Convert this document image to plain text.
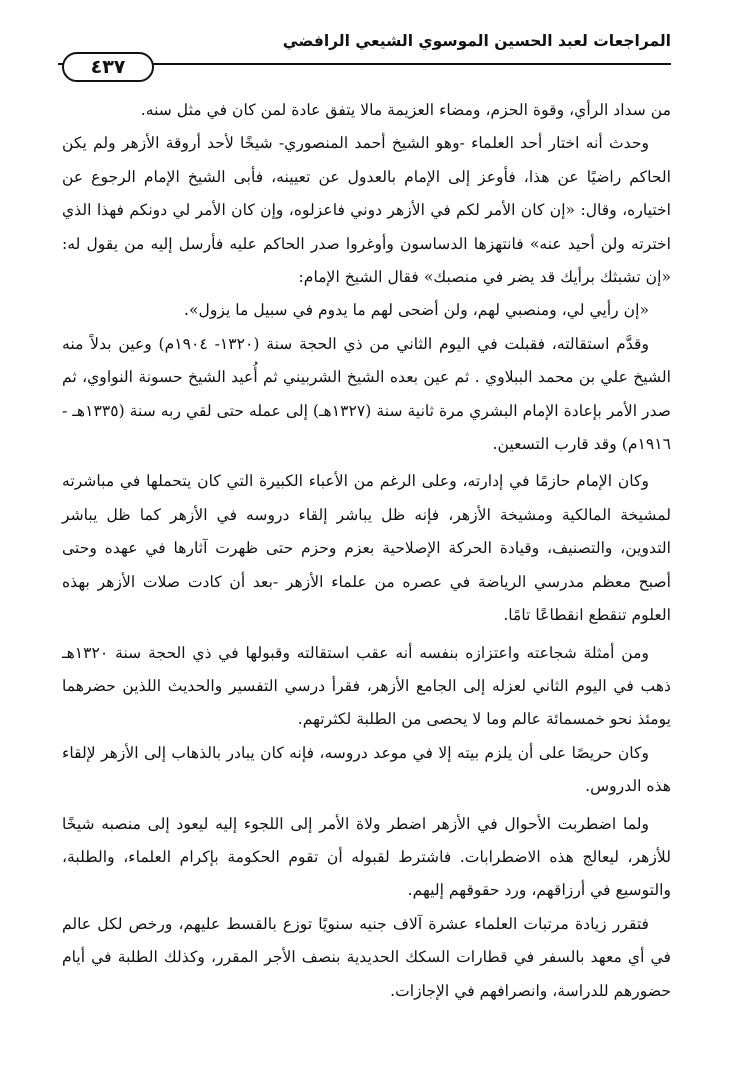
المراجعات لعبد الحسين الموسوي الشيعي الرافضي
٤٣٧

من سداد الرأي، وقوة الحزم، ومضاء العزيمة مالا يتفق عادة لمن كان في مثل سنه.

وحدث أنه اختار أحد العلماء -وهو الشيخ أحمد المنصوري- شيخًا لأحد أروقة الأزهر ولم يكن الحاكم راضيًا عن هذا، فأوعز إلى الإمام بالعدول عن تعيينه، فأبى الشيخ الإمام الرجوع عن اختياره، وقال: «إن كان الأمر لكم في الأزهر دوني فاعزلوه، وإن كان الأمر لي دونكم فهذا الذي اخترته ولن أحيد عنه» فانتهزها الدساسون وأوغروا صدر الحاكم عليه فأرسل إليه من يقول له: «إن تشبثك برأيك قد يضر في منصبك» فقال الشيخ الإمام:

«إن رأيي لي، ومنصبي لهم، ولن أضحى لهم ما يدوم في سبيل ما يزول».

وقدَّم استقالته، فقبلت في اليوم الثاني من ذي الحجة سنة (١٣٢٠- ١٩٠٤م) وعين بدلاً منه الشيخ علي بن محمد الببلاوي . ثم عين بعده الشيخ الشربيني ثم أُعيد الشيخ حسونة النواوي، ثم صدر الأمر بإعادة الإمام البشري مرة ثانية سنة (١٣٢٧هـ) إلى عمله حتى لقي ربه سنة (١٣٣٥هـ - ١٩١٦م) وقد قارب التسعين.

وكان الإمام حازمًا في إدارته، وعلى الرغم من الأعباء الكبيرة التي كان يتحملها في مباشرته لمشيخة المالكية ومشيخة الأزهر، فإنه ظل يباشر إلقاء دروسه في الأزهر كما ظل يباشر التدوين، والتصنيف، وقيادة الحركة الإصلاحية بعزم وحزم حتى ظهرت آثارها في عهده وحتى أصبح معظم مدرسي الرياضة في عصره من علماء الأزهر -بعد أن كادت صلات الأزهر بهذه العلوم تنقطع انقطاعًا تامًا.

ومن أمثلة شجاعته واعتزازه بنفسه أنه عقب استقالته وقبولها في ذي الحجة سنة ١٣٢٠هـ ذهب في اليوم الثاني لعزله إلى الجامع الأزهر، فقرأ درسي التفسير والحديث اللذين حضرهما يومئذ نحو خمسمائة عالم وما لا يحصى من الطلبة لكثرتهم.

وكان حريصًا على أن يلزم بيته إلا في موعد دروسه، فإنه كان يبادر بالذهاب إلى الأزهر لإلقاء هذه الدروس.

ولما اضطربت الأحوال في الأزهر اضطر ولاة الأمر إلى اللجوء إليه ليعود إلى منصبه شيخًا للأزهر، ليعالج هذه الاضطرابات. فاشترط لقبوله أن تقوم الحكومة بإكرام العلماء، والطلبة، والتوسيع في أرزاقهم، ورد حقوقهم إليهم.

فتقرر زيادة مرتبات العلماء عشرة آلاف جنيه سنويًا توزع بالقسط عليهم، ورخص لكل عالم في أي معهد بالسفر في قطارات السكك الحديدية بنصف الأجر المقرر، وكذلك الطلبة في أيام حضورهم للدراسة، وانصرافهم في الإجازات.
